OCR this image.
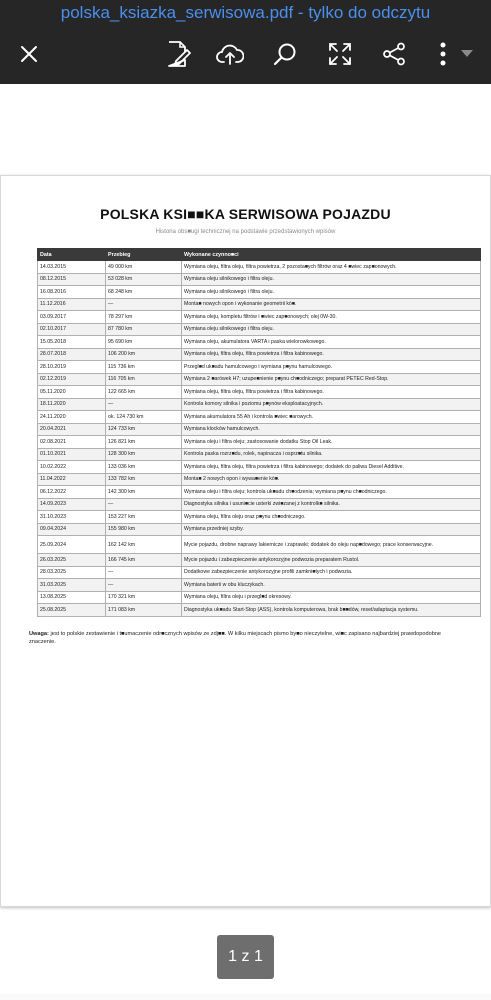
polska_ksiazka_serwisowa.pdf - tylko do odczytu
POLSKA KSI■■KA SERWISOWA POJAZDU
Historia obs■ugi technicznej na podstawie przedstawionych wpisów
Data	Przebieg	Wykonane czynno■ci
14.03.2015	49 000 km	Wymiana oleju, filtra oleju, filtra powietrza, 2 pozosta■ych filtrów oraz 4 ■wiec zap■onowych.
08.12.2015	53 028 km	Wymiana oleju silnikowego i filtra oleju.
16.08.2016	68 248 km	Wymiana oleju silnikowego i filtra oleju.
11.12.2016	—	Monta■ nowych opon i wykonanie geometrii kó■.
03.09.2017	78 297 km	Wymiana oleju, kompletu filtrów i ■wiec zap■onowych; olej 0W-30.
02.10.2017	87 780 km	Wymiana oleju silnikowego i filtra oleju.
15.05.2018	95 690 km	Wymiana oleju, akumulatora VARTA i paska wielorowkowego.
28.07.2018	106 200 km	Wymiana oleju, filtra oleju, filtra powietrza i filtra kabinowego.
28.10.2019	115 736 km	Przegl■d uk■adu hamulcowego i wymiana p■ynu hamulcowego.
02.12.2019	116 705 km	Wymiana 2 ■arówek H7; uzupe■nienie p■ynu ch■odniczego; preparat PETEC Red-Stop.
05.11.2020	122 665 km	Wymiana oleju, filtra oleju, filtra powietrza i filtra kabinowego.
18.11.2020	—	Kontrola komory silnika i poziomu p■ynów eksploatacyjnych.
24.11.2020	ok. 124 730 km	Wymiana akumulatora 55 Ah i kontrola ■wiec ■arowych.
20.04.2021	124 733 km	Wymiana klocków hamulcowych.
02.08.2021	126 821 km	Wymiana oleju i filtra oleju; zastosowanie dodatku Stop Oil Leak.
01.10.2021	128 300 km	Kontrola paska rozrz■du, rolek, napinacza i osprz■tu silnika.
10.02.2022	133 036 km	Wymiana oleju, filtra oleju, filtra powietrza i filtra kabinowego; dodatek do paliwa Diesel Additive.
11.04.2022	133 782 km	Monta■ 2 nowych opon i wywa■enie kó■.
06.12.2022	142 300 km	Wymiana oleju i filtra oleju; kontrola uk■adu ch■odzenia; wymiana p■ynu ch■odniczego.
14.09.2023	—	Diagnostyka silnika i usuni■cie usterki zwi■zanej z kontrolk■ silnika.
31.10.2023	153 227 km	Wymiana oleju, filtra oleju oraz p■ynu ch■odniczego.
09.04.2024	155 980 km	Wymiana przedniej szyby.
25.09.2024	162 142 km	Mycie pojazdu, drobne naprawy lakiernicze i zaprawki; dodatek do oleju nap■dowego; prace konserwacyjne.
26.03.2025	166 745 km	Mycie pojazdu i zabezpieczenie antykorozyjne podwozia preparatem Rustol.
28.03.2025	—	Dodatkowe zabezpieczenie antykorozyjne profili zamkni■tych i podwozia.
31.03.2025	—	Wymiana baterii w obu kluczykach.
13.08.2025	170 321 km	Wymiana oleju, filtra oleju i przegl■d okresowy.
25.08.2025	171 083 km	Diagnostyka uk■adu Start-Stop (ASS), kontrola komputerowa, brak b■■dów, reset/adaptacja systemu.
Uwaga: jest to polskie zestawienie i t■umaczenie odr■cznych wpisów ze zdj■■. W kilku miejscach pismo by■o nieczytelne, wi■c zapisano najbardziej prawdopodobne znaczenie.
1 z 1
